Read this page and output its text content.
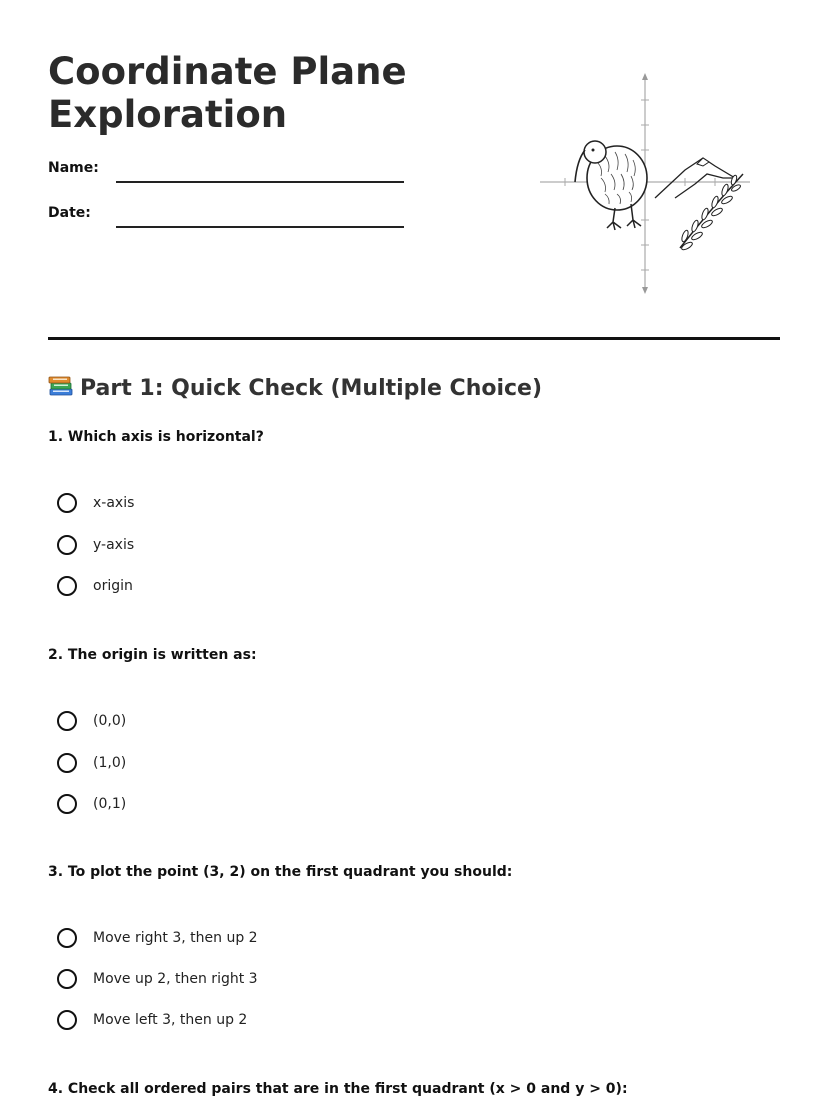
Coordinate Plane
Exploration
Name:
Date:
Part 1: Quick Check (Multiple Choice)

1. Which axis is horizontal?

x-axis
y-axis
origin

2. The origin is written as:

(0,0)
(1,0)
(0,1)

3. To plot the point (3, 2) on the first quadrant you should:

Move right 3, then up 2
Move up 2, then right 3
Move left 3, then up 2

4. Check all ordered pairs that are in the first quadrant (x > 0 and y > 0):
